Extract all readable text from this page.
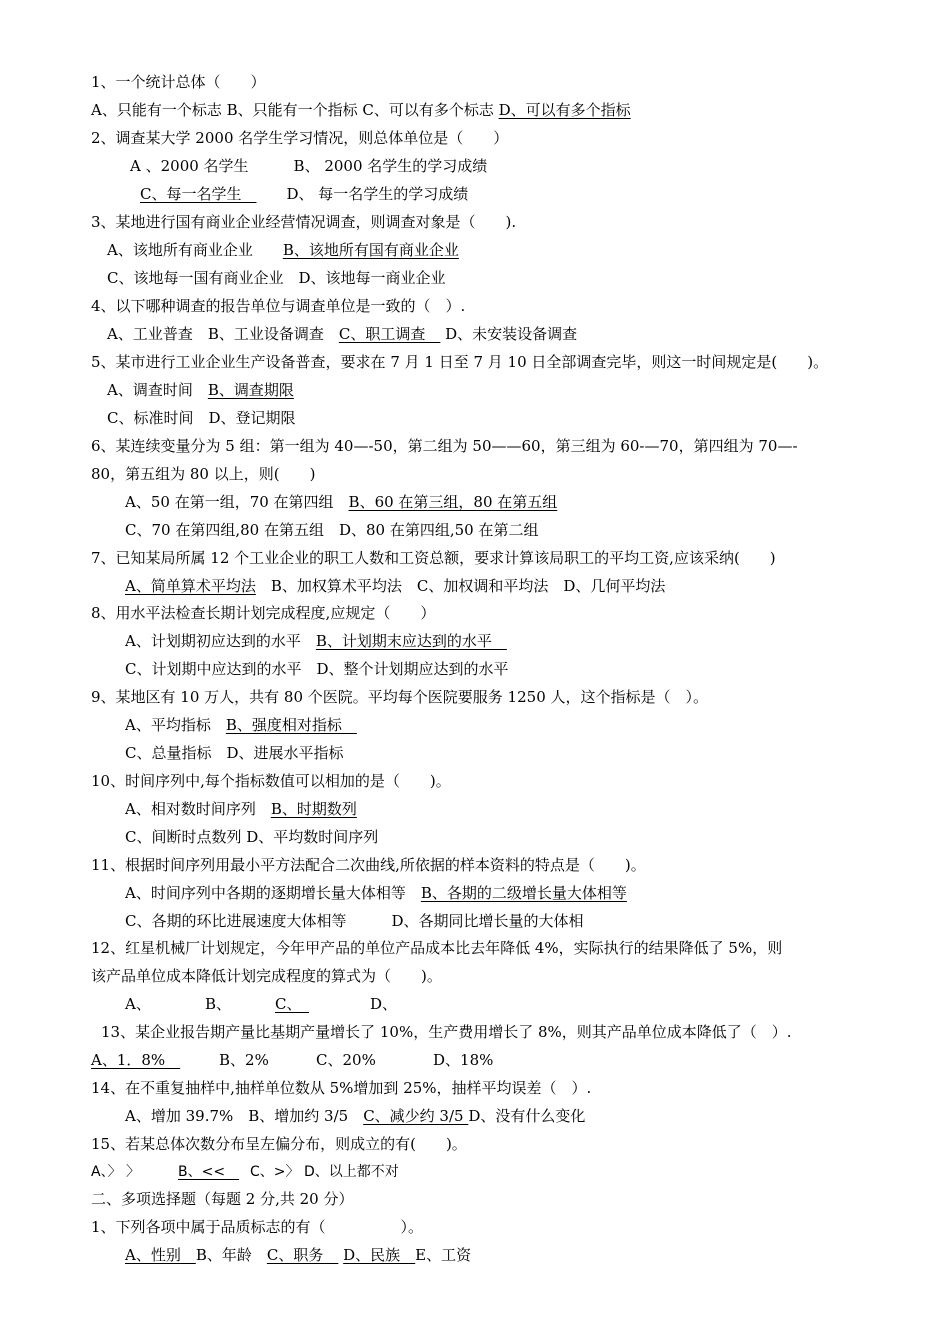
1、一个统计总体（　　）
A、只能有一个标志 B、只能有一个指标 C、可以有多个标志 D、可以有多个指标
2、调查某大学 2000 名学生学习情况，则总体单位是（　　）
A 、2000 名学生　　　B、 2000 名学生的学习成绩
C、每一名学生　　　D、 每一名学生的学习成绩
3、某地进行国有商业企业经营情况调查，则调查对象是（　　).
A、该地所有商业企业　　B、该地所有国有商业企业
C、该地每一国有商业企业　D、该地每一商业企业
4、以下哪种调查的报告单位与调查单位是一致的（　）.
A、工业普查　B、工业设备调查　C、职工调查　 D、未安装设备调查
5、某市进行工业企业生产设备普查，要求在 7 月 1 日至 7 月 10 日全部调查完毕，则这一时间规定是(　　)。
A、调查时间　B、调查期限
C、标准时间　D、登记期限
6、某连续变量分为 5 组：第一组为 40—-50，第二组为 50——60，第三组为 60-—70，第四组为 70—-
80，第五组为 80 以上，则(　　)
A、50 在第一组，70 在第四组　B、60 在第三组，80 在第五组
C、70 在第四组,80 在第五组　D、80 在第四组,50 在第二组
7、已知某局所属 12 个工业企业的职工人数和工资总额，要求计算该局职工的平均工资,应该采纳(　　)
A、简单算术平均法　B、加权算术平均法　C、加权调和平均法　D、几何平均法
8、用水平法检查长期计划完成程度,应规定（　　）
A、计划期初应达到的水平　B、计划期末应达到的水平　
C、计划期中应达到的水平　D、整个计划期应达到的水平
9、某地区有 10 万人，共有 80 个医院。平均每个医院要服务 1250 人，这个指标是（　）。
A、平均指标　B、强度相对指标　
C、总量指标　D、进展水平指标
10、时间序列中,每个指标数值可以相加的是（　　)。
A、相对数时间序列　B、时期数列
C、间断时点数列 D、平均数时间序列
11、根据时间序列用最小平方法配合二次曲线,所依据的样本资料的特点是（　　)。
A、时间序列中各期的逐期增长量大体相等　B、各期的二级增长量大体相等
C、各期的环比进展速度大体相等　　　D、各期同比增长量的大体相
12、红星机械厂计划规定，今年甲产品的单位产品成本比去年降低 4%，实际执行的结果降低了 5%，则
该产品单位成本降低计划完成程度的算式为（　　)。
A、	B、	C、　	D、
13、某企业报告期产量比基期产量增长了 10%，生产费用增长了 8%，则其产品单位成本降低了（　）.
A、1．8%　	B、2%	C、20%	D、18%
14、在不重复抽样中,抽样单位数从 5%增加到 25%，抽样平均误差（　）.
A、增加 39.7%　B、增加约 3/5　C、减少约 3/5 D、没有什么变化
15、若某总体次数分布呈左偏分布，则成立的有(　　)。
A、〉 〉	B、<<　 C、>〉 D、以上都不对
二、多项选择题（每题 2 分,共 20 分）
1、下列各项中属于品质标志的有（　　　　　）。
A、性别　B、年龄　C、职务　 D、民族　E、工资
